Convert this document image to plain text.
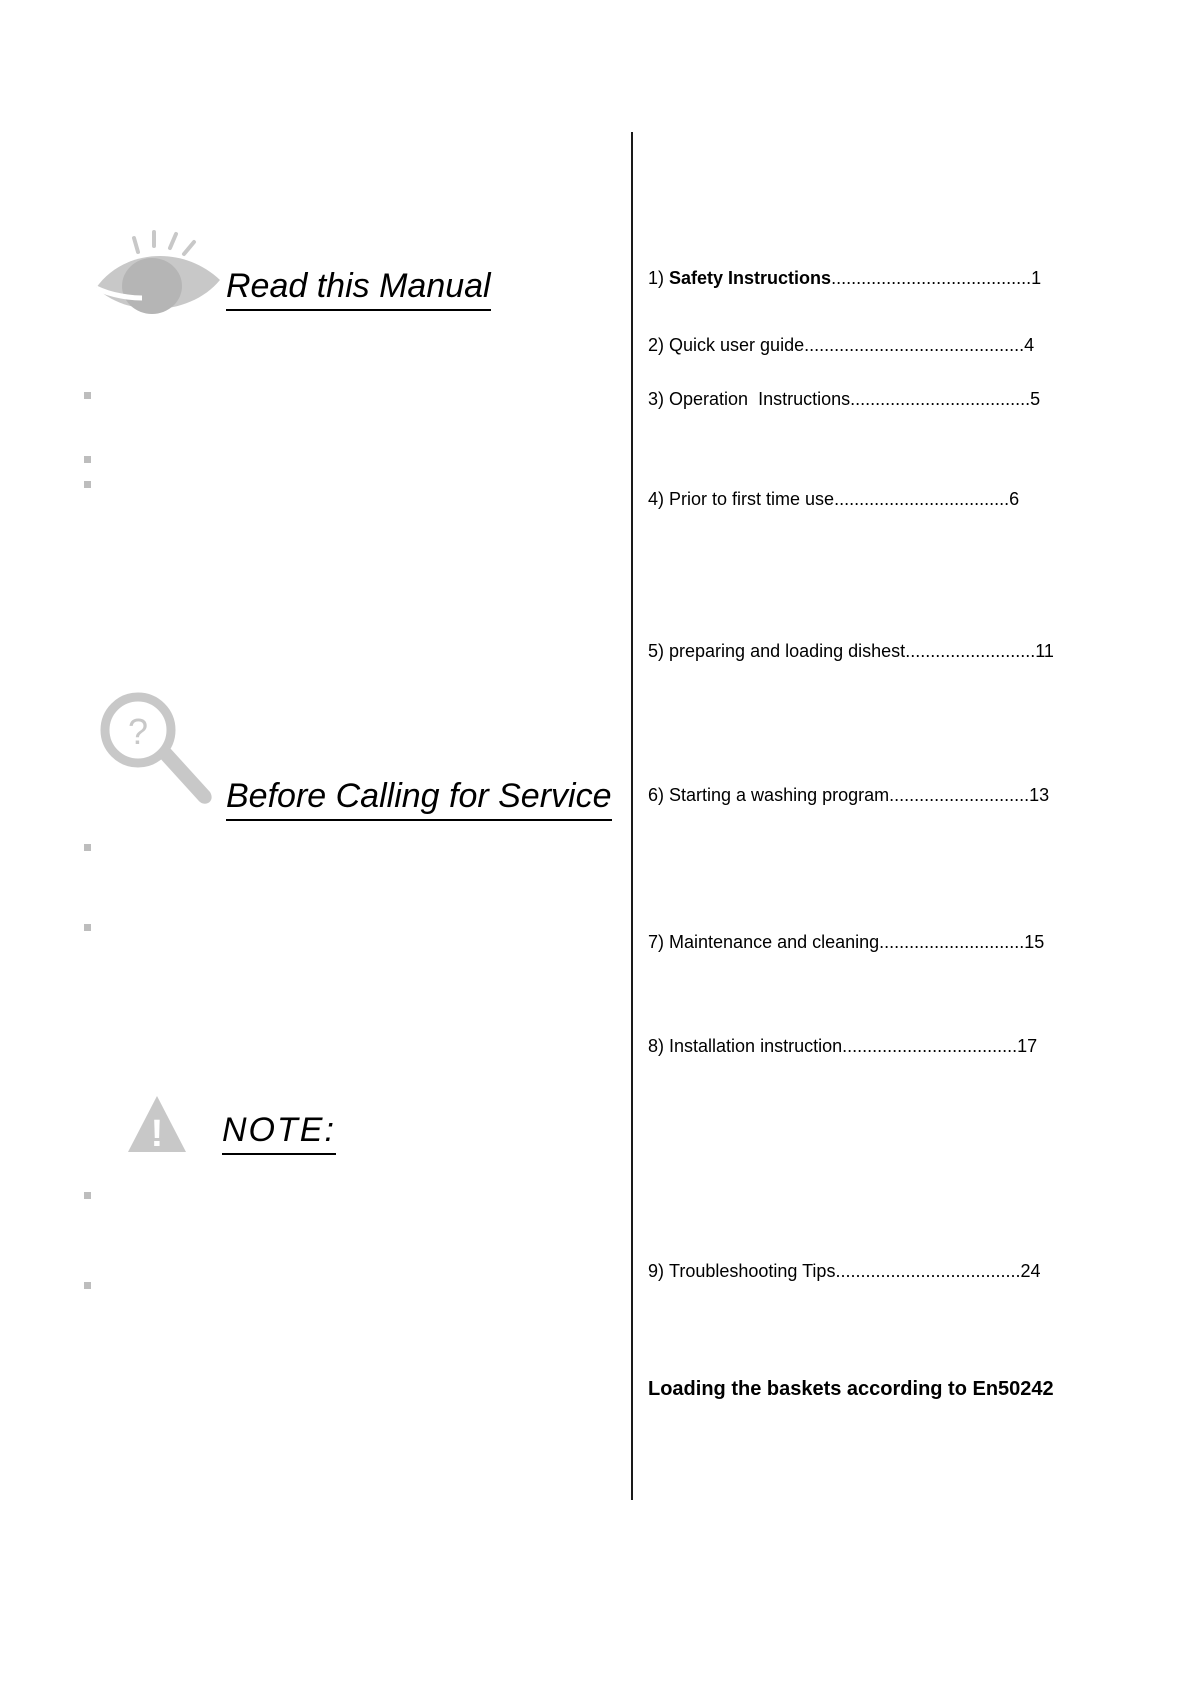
Read this Manual
?
Before Calling for Service
! NOTE:
1) Safety Instructions ........................................ 1
2) Quick user guide ............................................ 4
3) Operation  Instructions .................................... 5
4) Prior to first time use ................................... 6
5) preparing and loading dishest .......................... 11
6) Starting a washing program ............................ 13
7) Maintenance and cleaning ............................. 15
8) Installation instruction ................................... 17
9) Troubleshooting Tips ..................................... 24
Loading the baskets according to En50242
